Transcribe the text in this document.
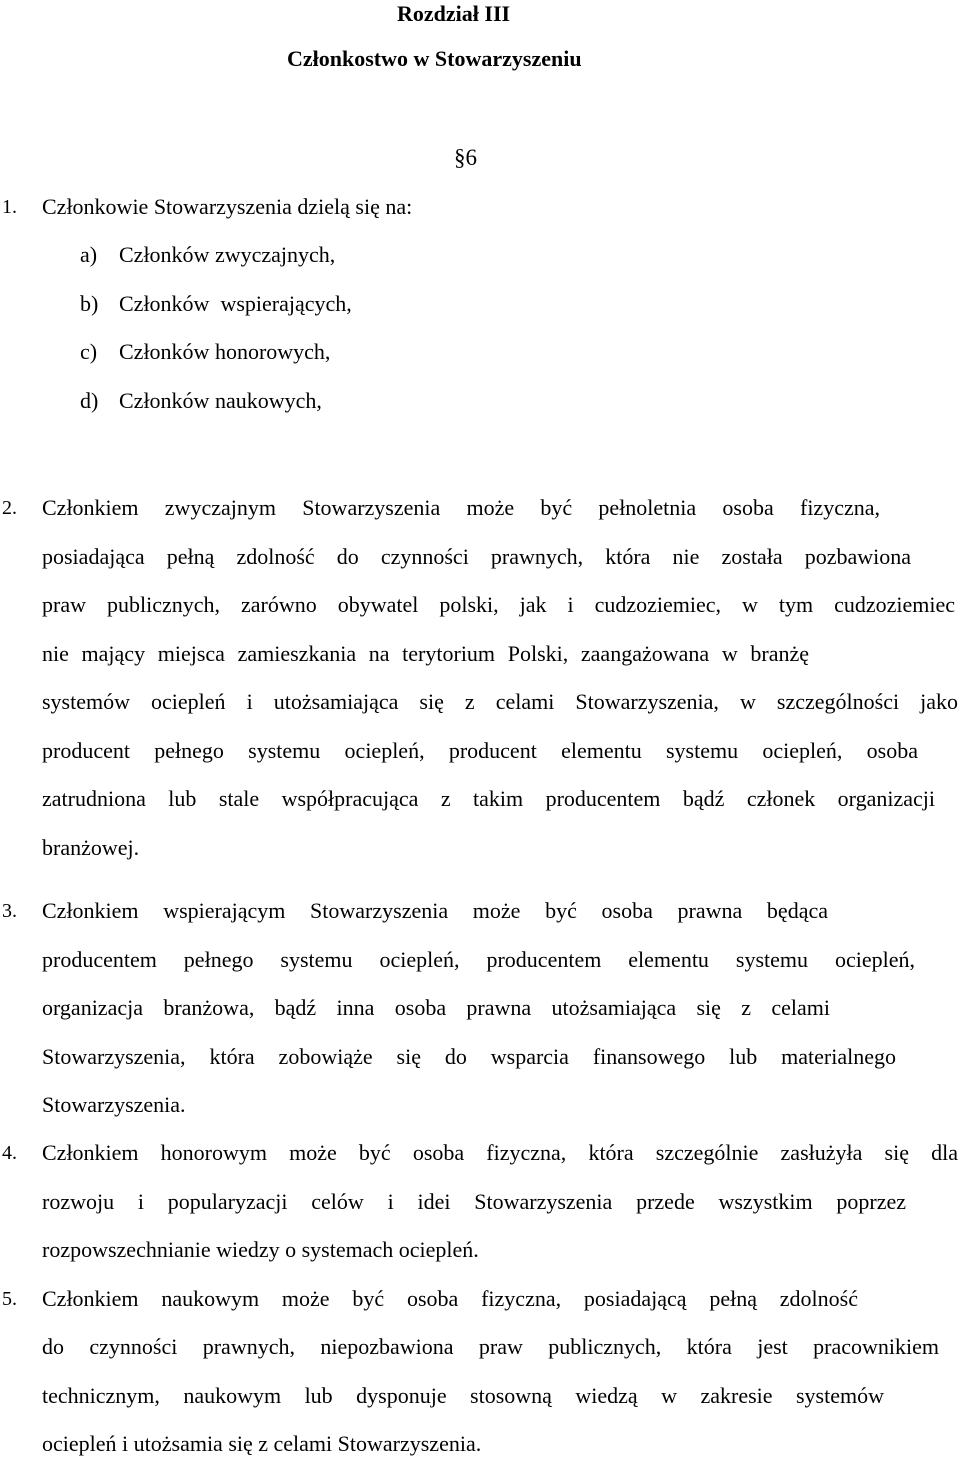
Rozdział III
Członkostwo w Stowarzyszeniu
§6
1.	Członkowie Stowarzyszenia dzielą się na:
a) Członków zwyczajnych,
b) Członków  wspierających,
c) Członków honorowych,
d) Członków naukowych,
2.	Członkiem zwyczajnym Stowarzyszenia może być pełnoletnia osoba fizyczna,
posiadająca pełną zdolność do czynności prawnych, która nie została pozbawiona
praw publicznych, zarówno obywatel polski, jak i cudzoziemiec, w tym cudzoziemiec
nie mający miejsca zamieszkania na terytorium Polski, zaangażowana w branżę
systemów ociepleń i utożsamiająca się z celami Stowarzyszenia, w szczególności jako
producent pełnego systemu ociepleń, producent elementu systemu ociepleń, osoba
zatrudniona lub stale współpracująca z takim producentem bądź członek organizacji
branżowej.
3.	Członkiem wspierającym Stowarzyszenia może być osoba prawna będąca
producentem pełnego systemu ociepleń, producentem elementu systemu ociepleń,
organizacja branżowa, bądź inna osoba prawna utożsamiająca się z celami
Stowarzyszenia, która zobowiąże się do wsparcia finansowego lub materialnego
Stowarzyszenia.
4.	Członkiem honorowym może być osoba fizyczna, która szczególnie zasłużyła się dla
rozwoju i popularyzacji celów i idei Stowarzyszenia przede wszystkim poprzez
rozpowszechnianie wiedzy o systemach ociepleń.
5.	Członkiem naukowym może być osoba fizyczna, posiadającą pełną zdolność
do czynności prawnych, niepozbawiona praw publicznych, która jest pracownikiem
technicznym, naukowym lub dysponuje stosowną wiedzą w zakresie systemów
ociepleń i utożsamia się z celami Stowarzyszenia.
